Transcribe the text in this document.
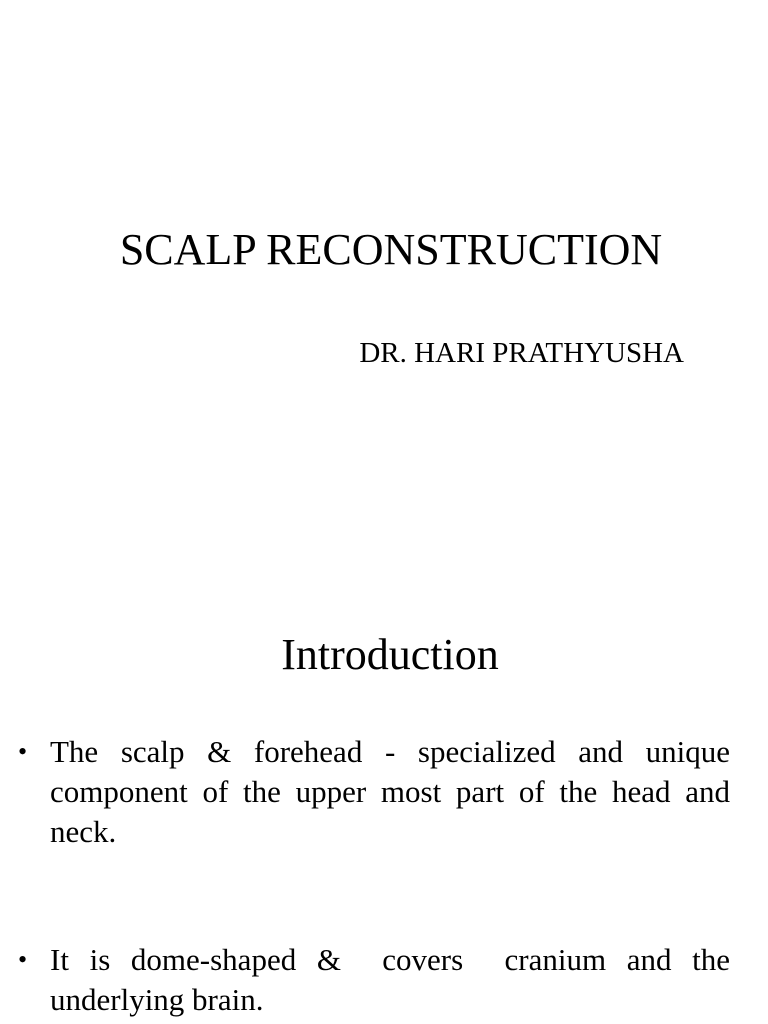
SCALP RECONSTRUCTION

DR. HARI PRATHYUSHA

Introduction
• The scalp & forehead - specialized and unique component of the upper most part of the head and neck.
• It is dome-shaped &  covers  cranium and the underlying brain.
